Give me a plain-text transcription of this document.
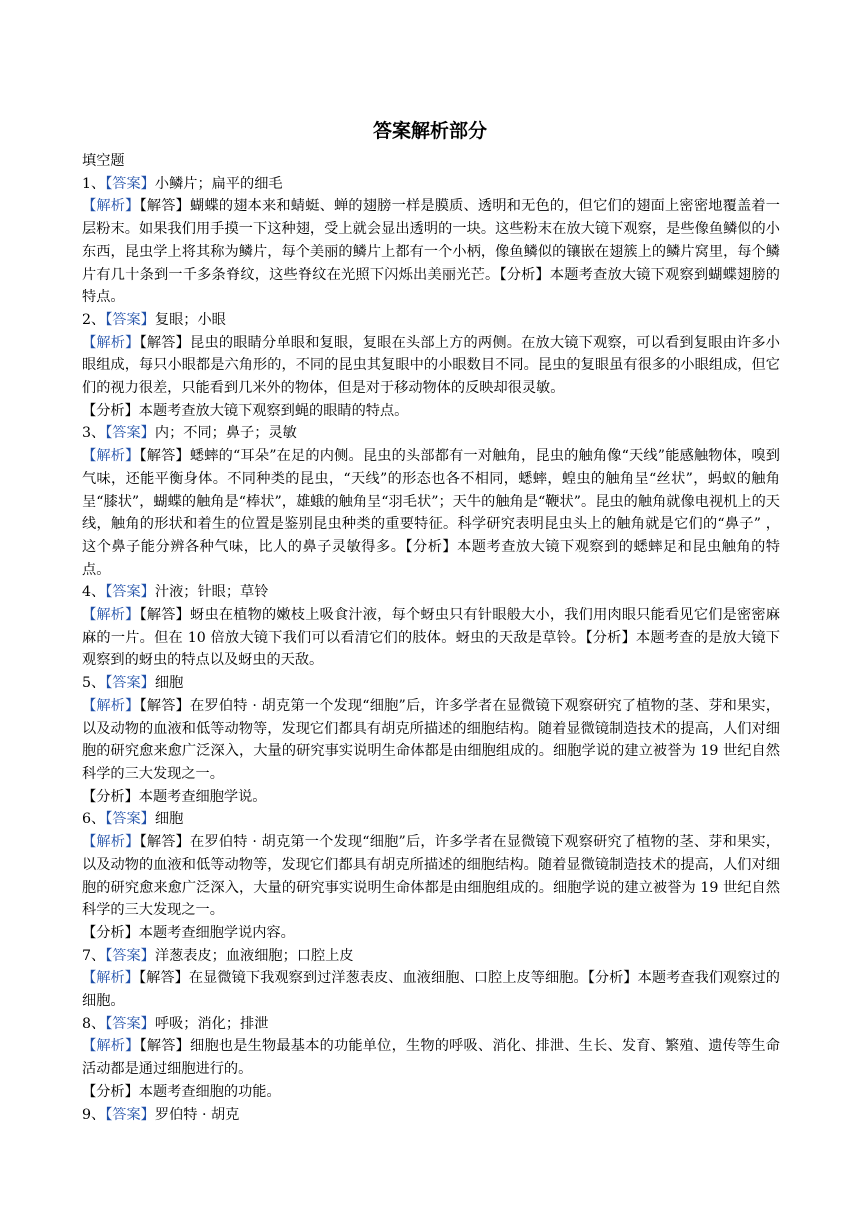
答案解析部分

填空题

1、【答案】小鳞片；扁平的细毛

【解析】【解答】蝴蝶的翅本来和蜻蜓、蝉的翅膀一样是膜质、透明和无色的，但它们的翅面上密密地覆盖着一层粉末。如果我们用手摸一下这种翅，受上就会显出透明的一块。这些粉末在放大镜下观察，是些像鱼鳞似的小东西，昆虫学上将其称为鳞片，每个美丽的鳞片上都有一个小柄，像鱼鳞似的镶嵌在翅簇上的鳞片窝里，每个鳞片有几十条到一千多条脊纹，这些脊纹在光照下闪烁出美丽光芒。【分析】本题考查放大镜下观察到蝴蝶翅膀的特点。

2、【答案】复眼；小眼

【解析】【解答】昆虫的眼睛分单眼和复眼，复眼在头部上方的两侧。在放大镜下观察，可以看到复眼由许多小眼组成，每只小眼都是六角形的，不同的昆虫其复眼中的小眼数目不同。昆虫的复眼虽有很多的小眼组成，但它们的视力很差，只能看到几米外的物体，但是对于移动物体的反映却很灵敏。

【分析】本题考查放大镜下观察到蝇的眼睛的特点。

3、【答案】内；不同；鼻子；灵敏

【解析】【解答】蟋蟀的“耳朵”在足的内侧。昆虫的头部都有一对触角，昆虫的触角像“天线”能感触物体，嗅到气味，还能平衡身体。不同种类的昆虫，“天线”的形态也各不相同，蟋蟀，蝗虫的触角呈“丝状”，蚂蚁的触角呈“膝状”，蝴蝶的触角是“棒状”，雄蛾的触角呈“羽毛状”；天牛的触角是“鞭状”。昆虫的触角就像电视机上的天线，触角的形状和着生的位置是鉴别昆虫种类的重要特征。科学研究表明昆虫头上的触角就是它们的“鼻子” ，这个鼻子能分辨各种气味，比人的鼻子灵敏得多。【分析】本题考查放大镜下观察到的蟋蟀足和昆虫触角的特点。

4、【答案】汁液；针眼；草铃

【解析】【解答】蚜虫在植物的嫩枝上吸食汁液，每个蚜虫只有针眼般大小，我们用肉眼只能看见它们是密密麻麻的一片。但在 10 倍放大镜下我们可以看清它们的肢体。蚜虫的天敌是草铃。【分析】本题考查的是放大镜下观察到的蚜虫的特点以及蚜虫的天敌。

5、【答案】细胞

【解析】【解答】在罗伯特 · 胡克第一个发现“细胞”后，许多学者在显微镜下观察研究了植物的茎、芽和果实，以及动物的血液和低等动物等，发现它们都具有胡克所描述的细胞结构。随着显微镜制造技术的提高，人们对细胞的研究愈来愈广泛深入，大量的研究事实说明生命体都是由细胞组成的。细胞学说的建立被誉为 19 世纪自然科学的三大发现之一。

【分析】本题考查细胞学说。

6、【答案】细胞

【解析】【解答】在罗伯特 · 胡克第一个发现“细胞”后，许多学者在显微镜下观察研究了植物的茎、芽和果实，以及动物的血液和低等动物等，发现它们都具有胡克所描述的细胞结构。随着显微镜制造技术的提高，人们对细胞的研究愈来愈广泛深入，大量的研究事实说明生命体都是由细胞组成的。细胞学说的建立被誉为 19 世纪自然科学的三大发现之一。

【分析】本题考查细胞学说内容。

7、【答案】洋葱表皮；血液细胞；口腔上皮

【解析】【解答】在显微镜下我观察到过洋葱表皮、血液细胞、口腔上皮等细胞。【分析】本题考查我们观察过的细胞。

8、【答案】呼吸；消化；排泄

【解析】【解答】细胞也是生物最基本的功能单位，生物的呼吸、消化、排泄、生长、发育、繁殖、遗传等生命活动都是通过细胞进行的。

【分析】本题考查细胞的功能。

9、【答案】罗伯特 · 胡克
